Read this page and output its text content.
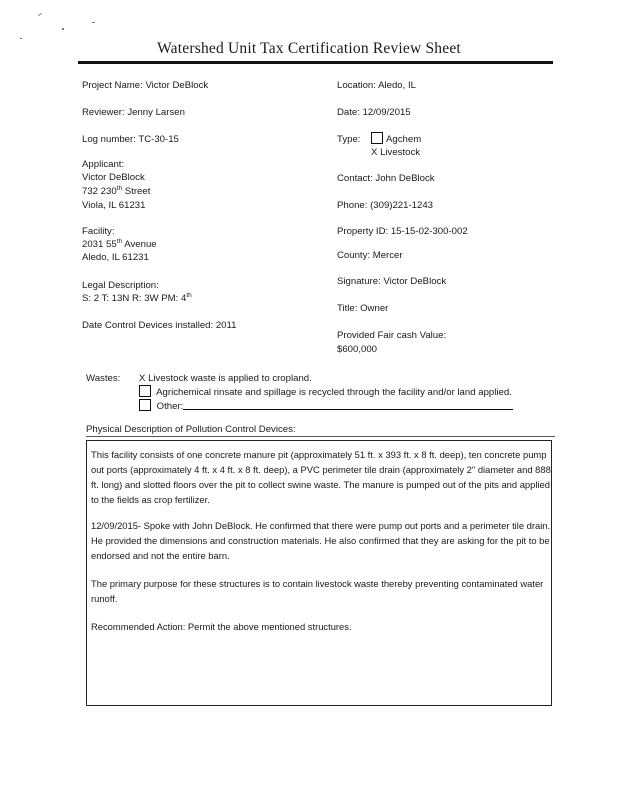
Watershed Unit Tax Certification Review Sheet
Project Name: Victor DeBlock
Reviewer: Jenny Larsen
Log number: TC-30-15
Applicant:
Victor DeBlock
732 230th Street
Viola, IL 61231
Facility:
2031 55th Avenue
Aledo, IL 61231
Legal Description:
S: 2 T: 13N R: 3W PM: 4th
Date Control Devices installed: 2011
Location: Aledo, IL
Date: 12/09/2015
Type:	Agchem
X Livestock
Contact: John DeBlock
Phone: (309)221-1243
Property ID: 15-15-02-300-002
County: Mercer
Signature: Victor DeBlock
Title: Owner
Provided Fair cash Value:
$600,000
Wastes: X Livestock waste is applied to cropland.
Agrichemical rinsate and spillage is recycled through the facility and/or land applied.
Other:
Physical Description of Pollution Control Devices:
This facility consists of one concrete manure pit (approximately 51 ft. x 393 ft. x 8 ft. deep), ten concrete pump out ports (approximately 4 ft. x 4 ft. x 8 ft. deep), a PVC perimeter tile drain (approximately 2" diameter and 888 ft. long) and slotted floors over the pit to collect swine waste. The manure is pumped out of the pits and applied to the fields as crop fertilizer.
12/09/2015- Spoke with John DeBlock. He confirmed that there were pump out ports and a perimeter tile drain. He provided the dimensions and construction materials. He also confirmed that they are asking for the pit to be endorsed and not the entire barn.
The primary purpose for these structures is to contain livestock waste thereby preventing contaminated water runoff.
Recommended Action: Permit the above mentioned structures.
